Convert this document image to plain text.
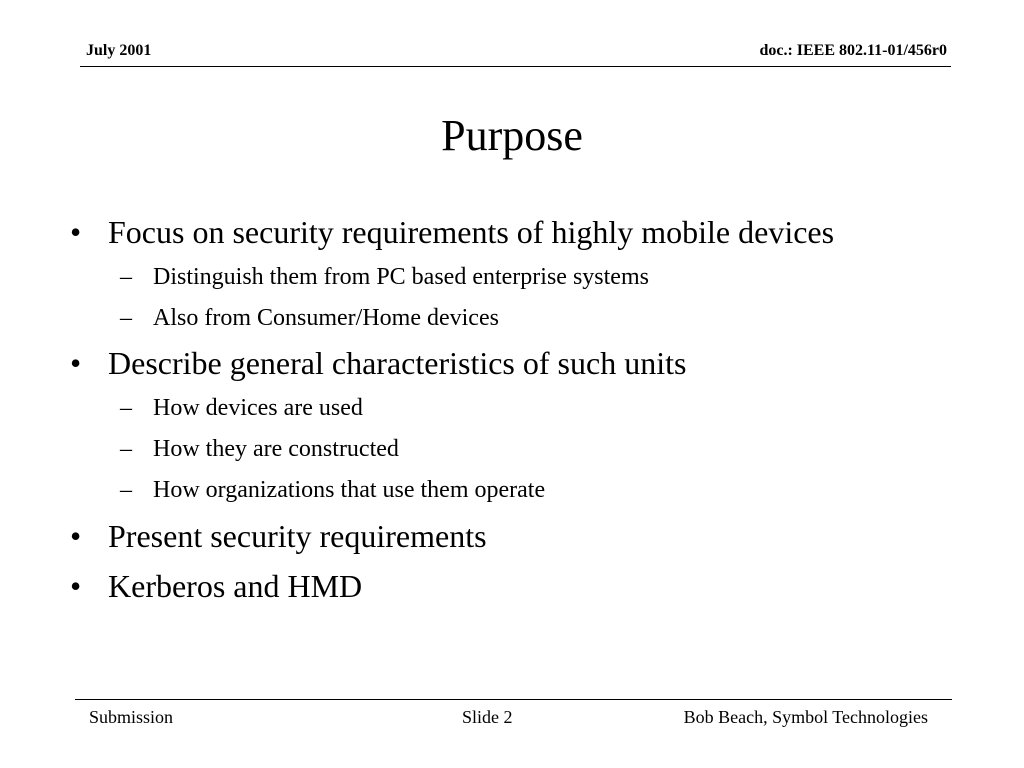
July 2001	doc.: IEEE 802.11-01/456r0
Purpose
• Focus on security requirements of highly mobile devices
– Distinguish them from PC based enterprise systems
– Also from Consumer/Home devices
• Describe general characteristics of such units
– How devices are used
– How they are constructed
– How organizations that use them operate
• Present security requirements
• Kerberos and HMD
Submission	Slide 2	Bob Beach, Symbol Technologies
